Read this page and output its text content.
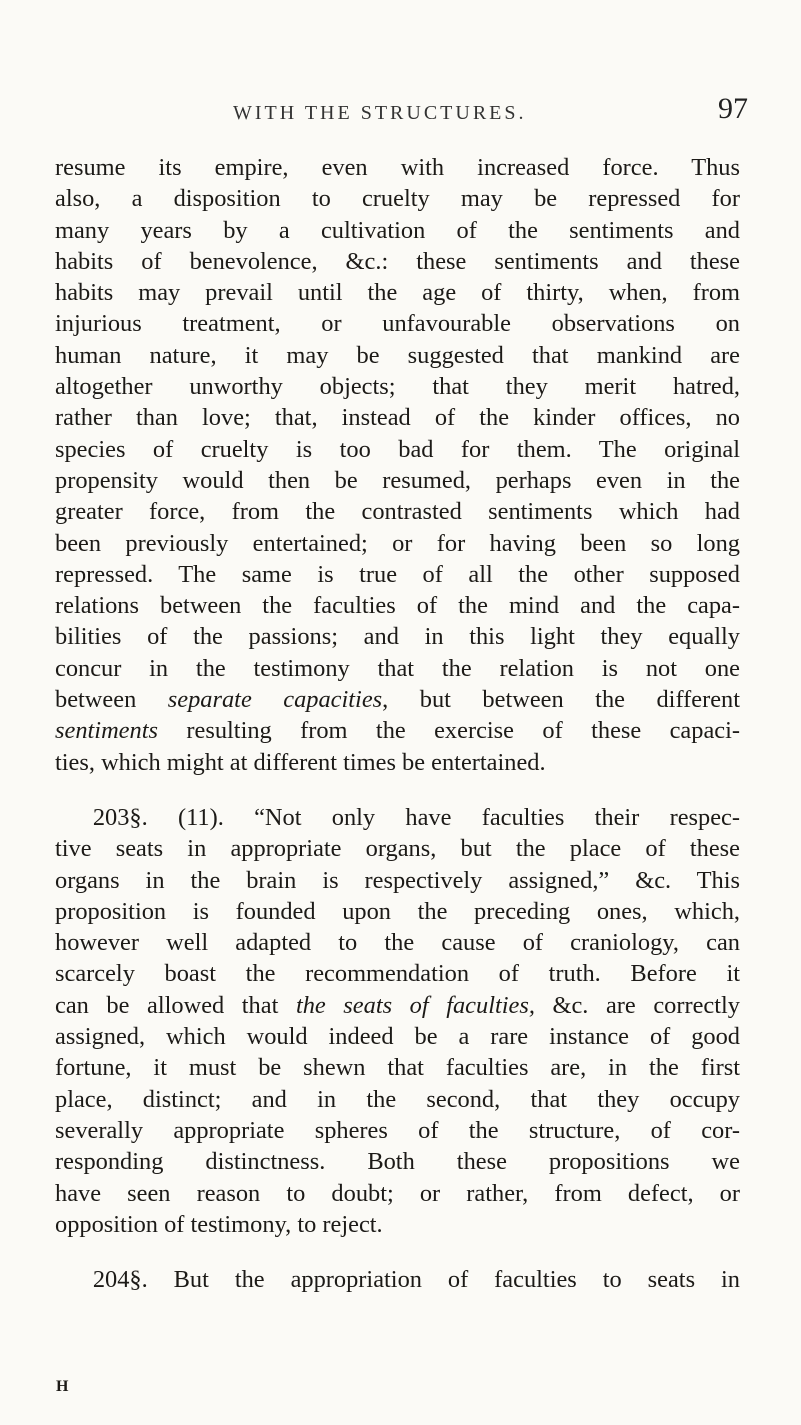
WITH THE STRUCTURES.	97

resume its empire, even with increased force. Thus
also, a disposition to cruelty may be repressed for
many years by a cultivation of the sentiments and
habits of benevolence, &c.: these sentiments and these
habits may prevail until the age of thirty, when, from
injurious treatment, or unfavourable observations on
human nature, it may be suggested that mankind are
altogether unworthy objects; that they merit hatred,
rather than love; that, instead of the kinder offices, no
species of cruelty is too bad for them. The original
propensity would then be resumed, perhaps even in the
greater force, from the contrasted sentiments which had
been previously entertained; or for having been so long
repressed. The same is true of all the other supposed
relations between the faculties of the mind and the capa-
bilities of the passions; and in this light they equally
concur in the testimony that the relation is not one
between separate capacities, but between the different
sentiments resulting from the exercise of these capaci-
ties, which might at different times be entertained.

203§. (11). “Not only have faculties their respec-
tive seats in appropriate organs, but the place of these
organs in the brain is respectively assigned,” &c. This
proposition is founded upon the preceding ones, which,
however well adapted to the cause of craniology, can
scarcely boast the recommendation of truth. Before it
can be allowed that the seats of faculties, &c. are correctly
assigned, which would indeed be a rare instance of good
fortune, it must be shewn that faculties are, in the first
place, distinct; and in the second, that they occupy
severally appropriate spheres of the structure, of cor-
responding distinctness. Both these propositions we
have seen reason to doubt; or rather, from defect, or
opposition of testimony, to reject.

204§. But the appropriation of faculties to seats in

H
